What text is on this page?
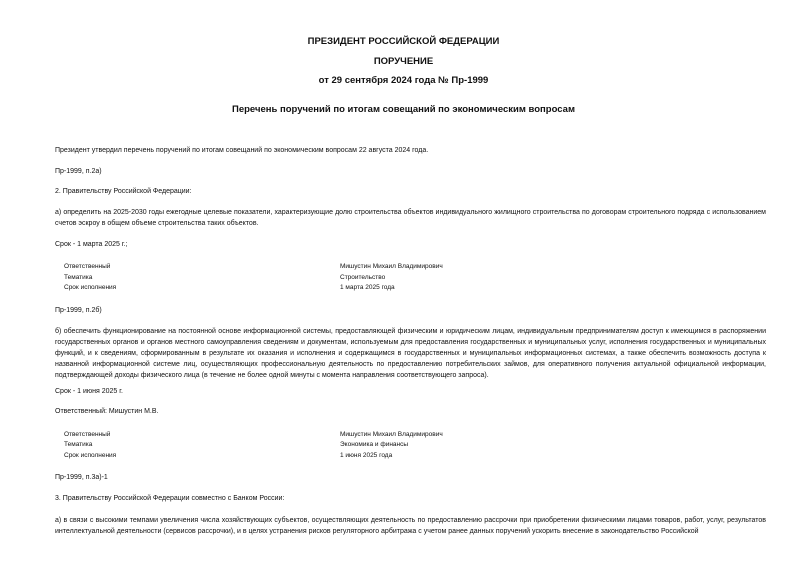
ПРЕЗИДЕНТ РОССИЙСКОЙ ФЕДЕРАЦИИ
ПОРУЧЕНИЕ
от 29 сентября 2024 года № Пр-1999
Перечень поручений по итогам совещаний по экономическим вопросам
Президент утвердил перечень поручений по итогам совещаний по экономическим вопросам 22 августа 2024 года.
Пр-1999, п.2а)
2. Правительству Российской Федерации:
а) определить на 2025-2030 годы ежегодные целевые показатели, характеризующие долю строительства объектов индивидуального жилищного строительства по договорам строительного подряда с использованием счетов эскроу в общем объеме строительства таких объектов.
Срок - 1 марта 2025 г.;
Ответственный	Мишустин Михаил Владимирович
Тематика	Строительство
Срок исполнения	1 марта 2025 года
Пр-1999, п.2б)
б) обеспечить функционирование на постоянной основе информационной системы, предоставляющей физическим и юридическим лицам, индивидуальным предпринимателям доступ к имеющимся в распоряжении государственных органов и органов местного самоуправления сведениям и документам, используемым для предоставления государственных и муниципальных услуг, исполнения государственных и муниципальных функций, и к сведениям, сформированным в результате их оказания и исполнения и содержащимся в государственных и муниципальных информационных системах, а также обеспечить возможность доступа к названной информационной системе лиц, осуществляющих профессиональную деятельность по предоставлению потребительских займов, для оперативного получения актуальной официальной информации, подтверждающей доходы физического лица (в течение не более одной минуты с момента направления соответствующего запроса).
Срок - 1 июня 2025 г.
Ответственный: Мишустин М.В.
Ответственный	Мишустин Михаил Владимирович
Тематика	Экономика и финансы
Срок исполнения	1 июня 2025 года
Пр-1999, п.3а)-1
3. Правительству Российской Федерации совместно с Банком России:
а) в связи с высокими темпами увеличения числа хозяйствующих субъектов, осуществляющих деятельность по предоставлению рассрочки при приобретении физическими лицами товаров, работ, услуг, результатов интеллектуальной деятельности (сервисов рассрочки), и в целях устранения рисков регуляторного арбитража с учетом ранее данных поручений ускорить внесение в законодательство Российской
